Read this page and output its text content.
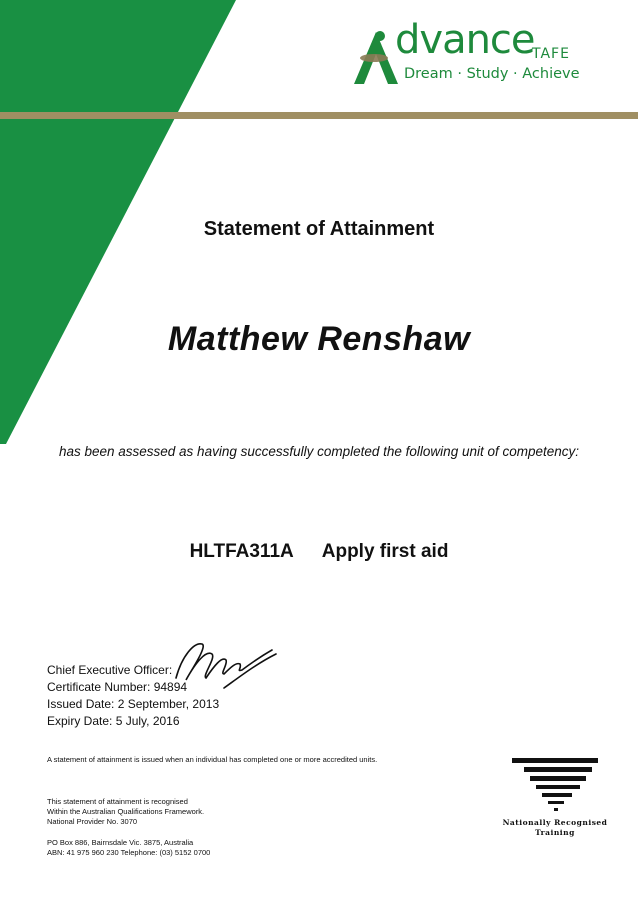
dvance
TAFE
Dream · Study · Achieve
Statement of Attainment
Matthew Renshaw
has been assessed as having successfully completed the following unit of competency:
HLTFA311A Apply first aid
Chief Executive Officer:
Certificate Number: 94894
Issued Date: 2 September, 2013
Expiry Date: 5 July, 2016
A statement of attainment is issued when an individual has completed one or more accredited units.
This statement of attainment is recognised
Within the Australian Qualifications Framework.
National Provider No. 3070
PO Box 886, Bairnsdale Vic. 3875, Australia
ABN: 41 975 960 230 Telephone: (03) 5152 0700
Nationally Recognised
Training
